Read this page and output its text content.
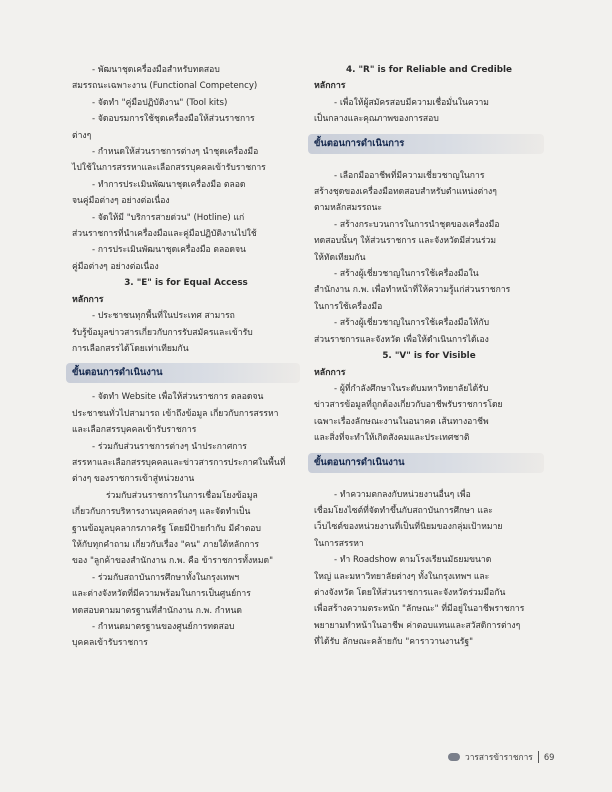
- พัฒนาชุดเครื่องมือสำหรับทดสอบ

สมรรถนะเฉพาะงาน (Functional Competency)

- จัดทำ "คู่มือปฏิบัติงาน" (Tool kits)

- จัดอบรมการใช้ชุดเครื่องมือให้ส่วนราชการ

ต่างๆ

- กำหนดให้ส่วนราชการต่างๆ นำชุดเครื่องมือ

ไปใช้ในการสรรหาและเลือกสรรบุคคลเข้ารับราชการ

- ทำการประเมินพัฒนาชุดเครื่องมือ ตลอด

จนคู่มือต่างๆ อย่างต่อเนื่อง

- จัดให้มี "บริการสายด่วน" (Hotline) แก่

ส่วนราชการที่นำเครื่องมือและคู่มือปฏิบัติงานไปใช้

- การประเมินพัฒนาชุดเครื่องมือ ตลอดจน

คู่มือต่างๆ อย่างต่อเนื่อง

3. "E" is for Equal Access

หลักการ

- ประชาชนทุกพื้นที่ในประเทศ สามารถ

รับรู้ข้อมูลข่าวสารเกี่ยวกับการรับสมัครและเข้ารับ

การเลือกสรรได้โดยเท่าเทียมกัน

ขั้นตอนการดำเนินงาน

- จัดทำ Website เพื่อให้ส่วนราชการ ตลอดจน

ประชาชนทั่วไปสามารถ เข้าถึงข้อมูล เกี่ยวกับการสรรหา

และเลือกสรรบุคคลเข้ารับราชการ

- ร่วมกับส่วนราชการต่างๆ นำประกาศการ

สรรหาและเลือกสรรบุคคลและข่าวสารการประกาศในพื้นที่

ต่างๆ ของราชการเข้าสู่หน่วยงาน

ร่วมกับส่วนราชการในการเชื่อมโยงข้อมูล

เกี่ยวกับการบริหารงานบุคคลต่างๆ และจัดทำเป็น

ฐานข้อมูลบุคลากรภาครัฐ โดยมีป้ายกำกับ มีคำตอบ

ให้กับทุกคำถาม เกี่ยวกับเรื่อง "คน" ภายใต้หลักการ

ของ "ลูกค้าของสำนักงาน ก.พ. คือ ข้าราชการทั้งหมด"

- ร่วมกับสถาบันการศึกษาทั้งในกรุงเทพฯ

และต่างจังหวัดที่มีความพร้อมในการเป็นศูนย์การ

ทดสอบตามมาตรฐานที่สำนักงาน ก.พ. กำหนด

- กำหนดมาตรฐานของศูนย์การทดสอบ

บุคคลเข้ารับราชการ

4. "R" is for Reliable and Credible

หลักการ

- เพื่อให้ผู้สมัครสอบมีความเชื่อมั่นในความ

เป็นกลางและคุณภาพของการสอบ

ขั้นตอนการดำเนินการ

- เลือกมืออาชีพที่มีความเชี่ยวชาญในการ

สร้างชุดของเครื่องมือทดสอบสำหรับตำแหน่งต่างๆ

ตามหลักสมรรถนะ

- สร้างกระบวนการในการนำชุดของเครื่องมือ

ทดสอบนั้นๆ ให้ส่วนราชการ และจังหวัดมีส่วนร่วม

ให้ทัดเทียมกัน

- สร้างผู้เชี่ยวชาญในการใช้เครื่องมือใน

สำนักงาน ก.พ. เพื่อทำหน้าที่ให้ความรู้แก่ส่วนราชการ

ในการใช้เครื่องมือ

- สร้างผู้เชี่ยวชาญในการใช้เครื่องมือให้กับ

ส่วนราชการและจังหวัด เพื่อให้ดำเนินการได้เอง

5. "V" is for Visible

หลักการ

- ผู้ที่กำลังศึกษาในระดับมหาวิทยาลัยได้รับ

ข่าวสารข้อมูลที่ถูกต้องเกี่ยวกับอาชีพรับราชการโดย

เฉพาะเรื่องลักษณะงานในอนาคต เส้นทางอาชีพ

และสิ่งที่จะทำให้เกิดสังคมและประเทศชาติ

ขั้นตอนการดำเนินงาน

- ทำความตกลงกับหน่วยงานอื่นๆ เพื่อ

เชื่อมโยงไซต์ที่จัดทำขึ้นกับสถาบันการศึกษา และ

เว็บไซต์ของหน่วยงานที่เป็นที่นิยมของกลุ่มเป้าหมาย

ในการสรรหา

- ทำ Roadshow ตามโรงเรียนมัธยมขนาด

ใหญ่ และมหาวิทยาลัยต่างๆ ทั้งในกรุงเทพฯ และ

ต่างจังหวัด โดยให้ส่วนราชการและจังหวัดร่วมมือกัน

เพื่อสร้างความตระหนัก "ลักษณะ" ที่มีอยู่ในอาชีพราชการ

พยายามทำหน้าในอาชีพ ค่าตอบแทนและสวัสดิการต่างๆ

ที่ได้รับ ลักษณะคล้ายกับ "คาราวานงานรัฐ"

วารสารข้าราชการ 69
